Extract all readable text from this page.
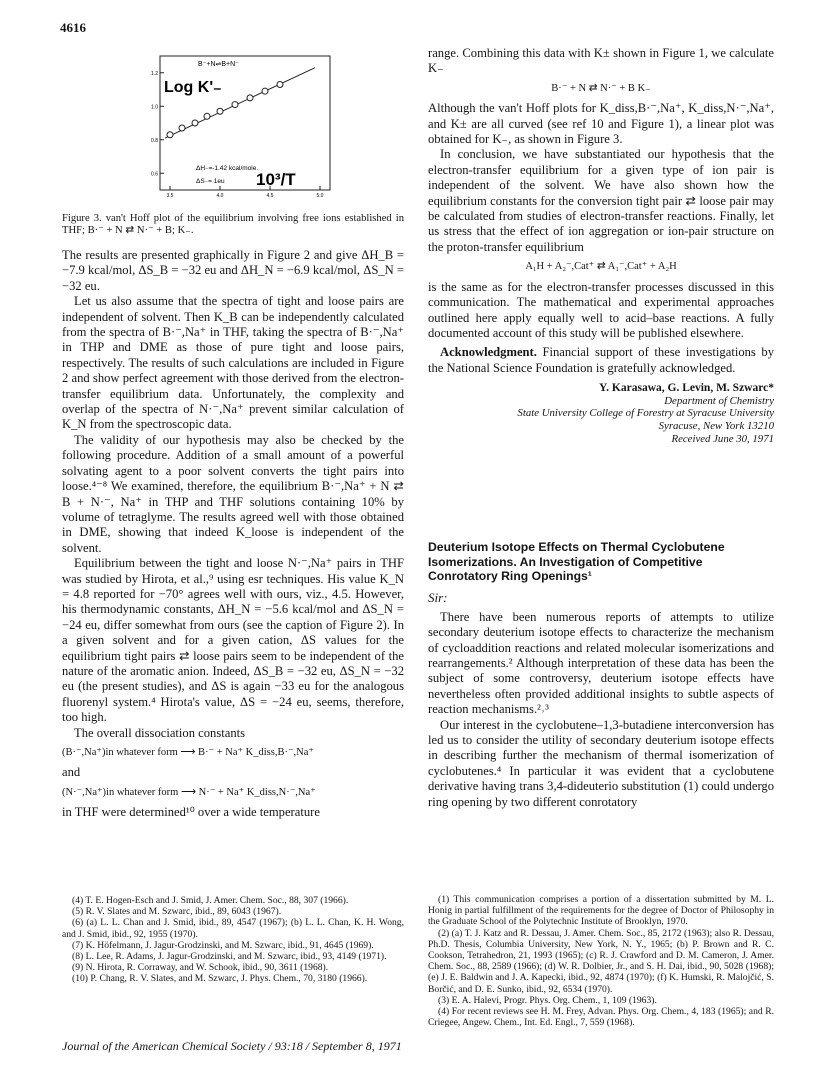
4616
B⁻+N⇌B+N⁻
Log K'₋
ΔH₋=-1.42 kcal/mole.
ΔS₋= 1eu 10³/T
1.2
1.0
0.8
0.6
3.5	4.0	4.5	5.0
Figure 3. van't Hoff plot of the equilibrium involving free ions established in THF; B·⁻ + N ⇄ N·⁻ + B; K₋.

The results are presented graphically in Figure 2 and give ΔH_B = −7.9 kcal/mol, ΔS_B = −32 eu and ΔH_N = −6.9 kcal/mol, ΔS_N = −32 eu.

Let us also assume that the spectra of tight and loose pairs are independent of solvent. Then K_B can be independently calculated from the spectra of B·⁻,Na⁺ in THF, taking the spectra of B·⁻,Na⁺ in THP and DME as those of pure tight and loose pairs, respectively. The results of such calculations are included in Figure 2 and show perfect agreement with those derived from the electron-transfer equilibrium data. Unfortunately, the complexity and overlap of the spectra of N·⁻,Na⁺ prevent similar calculation of K_N from the spectroscopic data.

The validity of our hypothesis may also be checked by the following procedure. Addition of a small amount of a powerful solvating agent to a poor solvent converts the tight pairs into loose.⁴⁻⁸ We examined, therefore, the equilibrium B·⁻,Na⁺ + N ⇄ B + N·⁻, Na⁺ in THP and THF solutions containing 10% by volume of tetraglyme. The results agreed well with those obtained in DME, showing that indeed K_loose is independent of the solvent.

Equilibrium between the tight and loose N·⁻,Na⁺ pairs in THF was studied by Hirota, et al.,⁹ using esr techniques. His value K_N = 4.8 reported for −70° agrees well with ours, viz., 4.5. However, his thermodynamic constants, ΔH_N = −5.6 kcal/mol and ΔS_N = −24 eu, differ somewhat from ours (see the caption of Figure 2). In a given solvent and for a given cation, ΔS values for the equilibrium tight pairs ⇄ loose pairs seem to be independent of the nature of the aromatic anion. Indeed, ΔS_B = −32 eu, ΔS_N = −32 eu (the present studies), and ΔS is again −33 eu for the analogous fluorenyl system.⁴ Hirota's value, ΔS = −24 eu, seems, therefore, too high.

The overall dissociation constants

(B·⁻,Na⁺)in whatever form ⟶ B·⁻ + Na⁺ K_diss,B·⁻,Na⁺

and

(N·⁻,Na⁺)in whatever form ⟶ N·⁻ + Na⁺ K_diss,N·⁻,Na⁺

in THF were determined¹⁰ over a wide temperature

(4) T. E. Hogen-Esch and J. Smid, J. Amer. Chem. Soc., 88, 307 (1966).

(5) R. V. Slates and M. Szwarc, ibid., 89, 6043 (1967).

(6) (a) L. L. Chan and J. Smid, ibid., 89, 4547 (1967); (b) L. L. Chan, K. H. Wong, and J. Smid, ibid., 92, 1955 (1970).

(7) K. Höfelmann, J. Jagur-Grodzinski, and M. Szwarc, ibid., 91, 4645 (1969).

(8) L. Lee, R. Adams, J. Jagur-Grodzinski, and M. Szwarc, ibid., 93, 4149 (1971).

(9) N. Hirota, R. Corraway, and W. Schook, ibid., 90, 3611 (1968).

(10) P. Chang, R. V. Slates, and M. Szwarc, J. Phys. Chem., 70, 3180 (1966).

range. Combining this data with K± shown in Figure 1, we calculate K₋

B·⁻ + N ⇄ N·⁻ + B K₋

Although the van't Hoff plots for K_diss,B·⁻,Na⁺, K_diss,N·⁻,Na⁺, and K± are all curved (see ref 10 and Figure 1), a linear plot was obtained for K₋, as shown in Figure 3.

In conclusion, we have substantiated our hypothesis that the electron-transfer equilibrium for a given type of ion pair is independent of the solvent. We have also shown how the equilibrium constants for the conversion tight pair ⇄ loose pair may be calculated from studies of electron-transfer reactions. Finally, let us stress that the effect of ion aggregation or ion-pair structure on the proton-transfer equilibrium

A₁H + A₂⁻,Cat⁺ ⇄ A₁⁻,Cat⁺ + A₂H

is the same as for the electron-transfer processes discussed in this communication. The mathematical and experimental approaches outlined here apply equally well to acid–base reactions. A fully documented account of this study will be published elsewhere.

Acknowledgment. Financial support of these investigations by the National Science Foundation is gratefully acknowledged.

Y. Karasawa, G. Levin, M. Szwarc*
Department of Chemistry
State University College of Forestry at Syracuse University
Syracuse, New York 13210
Received June 30, 1971
Deuterium Isotope Effects on Thermal Cyclobutene Isomerizations. An Investigation of Competitive Conrotatory Ring Openings¹
Sir:

There have been numerous reports of attempts to utilize secondary deuterium isotope effects to characterize the mechanism of cycloaddition reactions and related molecular isomerizations and rearrangements.² Although interpretation of these data has been the subject of some controversy, deuterium isotope effects have nevertheless often provided additional insights to subtle aspects of reaction mechanisms.²˒³

Our interest in the cyclobutene–1,3-butadiene interconversion has led us to consider the utility of secondary deuterium isotope effects in describing further the mechanism of thermal isomerization of cyclobutenes.⁴ In particular it was evident that a cyclobutene derivative having trans 3,4-dideuterio substitution (1) could undergo ring opening by two different conrotatory

(1) This communication comprises a portion of a dissertation submitted by M. L. Honig in partial fulfillment of the requirements for the degree of Doctor of Philosophy in the Graduate School of the Polytechnic Institute of Brooklyn, 1970.

(2) (a) T. J. Katz and R. Dessau, J. Amer. Chem. Soc., 85, 2172 (1963); also R. Dessau, Ph.D. Thesis, Columbia University, New York, N. Y., 1965; (b) P. Brown and R. C. Cookson, Tetrahedron, 21, 1993 (1965); (c) R. J. Crawford and D. M. Cameron, J. Amer. Chem. Soc., 88, 2589 (1966); (d) W. R. Dolbier, Jr., and S. H. Dai, ibid., 90, 5028 (1968); (e) J. E. Baldwin and J. A. Kapecki, ibid., 92, 4874 (1970); (f) K. Humski, R. Malojčić, S. Borčić, and D. E. Sunko, ibid., 92, 6534 (1970).

(3) E. A. Halevi, Progr. Phys. Org. Chem., 1, 109 (1963).

(4) For recent reviews see H. M. Frey, Advan. Phys. Org. Chem., 4, 183 (1965); and R. Criegee, Angew. Chem., Int. Ed. Engl., 7, 559 (1968).

Journal of the American Chemical Society / 93:18 / September 8, 1971
